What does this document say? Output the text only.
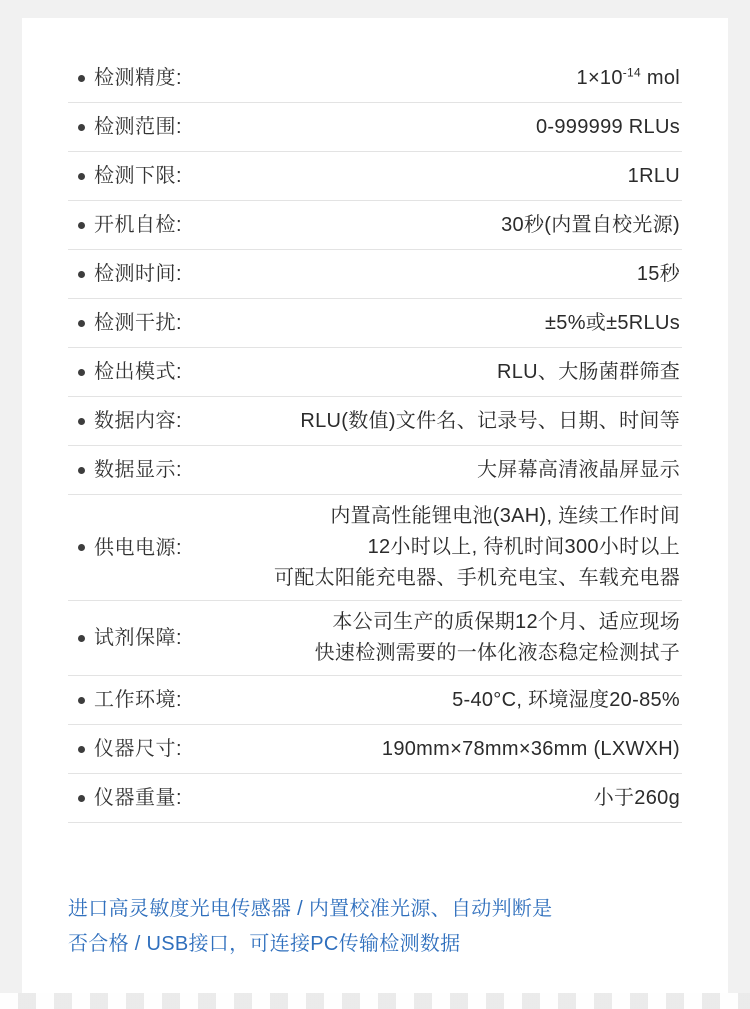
检测精度:	$1\times 10^{-14}$ mol
检测范围:	0-999999 RLUs
检测下限:	1RLU
开机自检:	30秒(内置自校光源)
检测时间:	15秒
检测干扰:	±5%或±5RLUs
检出模式:	RLU、大肠菌群筛查
数据内容:	RLU(数值)文件名、记录号、日期、时间等
数据显示:	大屏幕高清液晶屏显示
供电电源:
内置高性能锂电池(3AH), 连续工作时间
12小时以上, 待机时间300小时以上
可配太阳能充电器、手机充电宝、车载充电器
试剂保障:
本公司生产的质保期12个月、适应现场
快速检测需要的一体化液态稳定检测拭子
工作环境:	5-40°C, 环境湿度20-85%
仪器尺寸:	190mm×78mm×36mm (LXWXH)
仪器重量:	小于260g
进口高灵敏度光电传感器 / 内置校准光源、自动判断是
否合格 / USB接口，可连接PC传输检测数据
